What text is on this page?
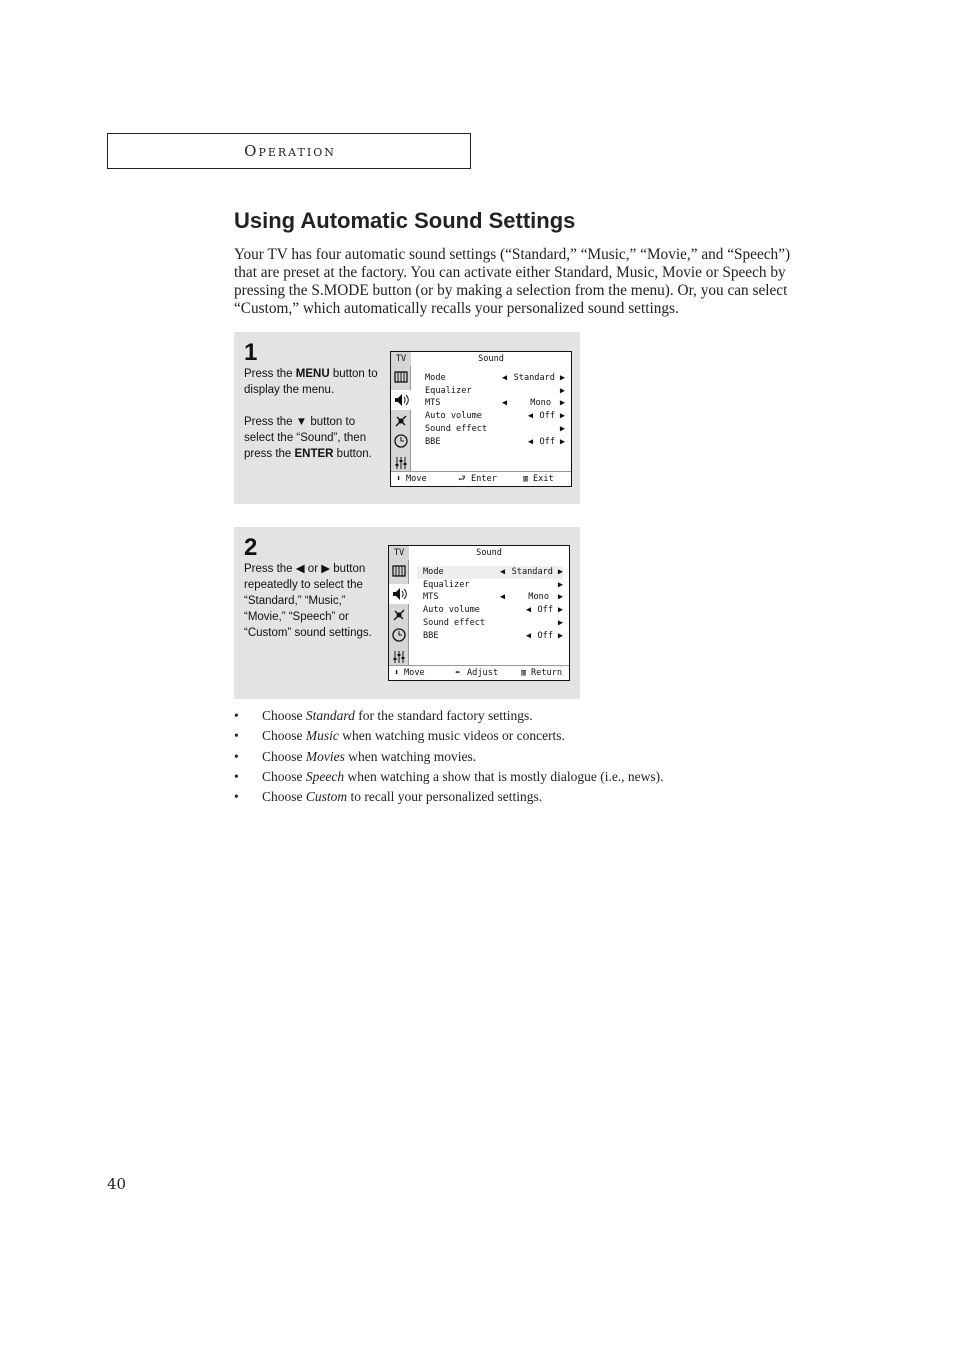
Operation
Using Automatic Sound Settings

Your TV has four automatic sound settings (“Standard,” “Music,” “Movie,” and “Speech”) that are preset at the factory. You can activate either Standard, Music, Movie or Speech by pressing the S.MODE button (or by making a selection from the menu). Or, you can select “Custom,” which automatically recalls your personalized sound settings.

1

Press the MENU button to display the menu.

Press the ▼ button to select the “Sound”, then press the ENTER button.

TV	Sound
Mode	◀ Standard ▶
Equalizer	▶
MTS	◀	Mono ▶
Auto volume	◀ Off ▶
Sound effect	▶
BBE	◀ Off ▶
⬍ Move	⮐ Enter	▥ Exit
2

Press the ◀ or ▶ button repeatedly to select the “Standard,” “Music,” “Movie,” “Speech” or “Custom” sound settings.

TV	Sound
Mode	◀ Standard ▶
Equalizer	▶
MTS	◀	Mono ▶
Auto volume	◀ Off ▶
Sound effect	▶
BBE	◀ Off ▶
⬍ Move	⬌ Adjust	▥ Return
• Choose Standard for the standard factory settings.
• Choose Music when watching music videos or concerts.
• Choose Movies when watching movies.
• Choose Speech when watching a show that is mostly dialogue (i.e., news).
• Choose Custom to recall your personalized settings.
40
